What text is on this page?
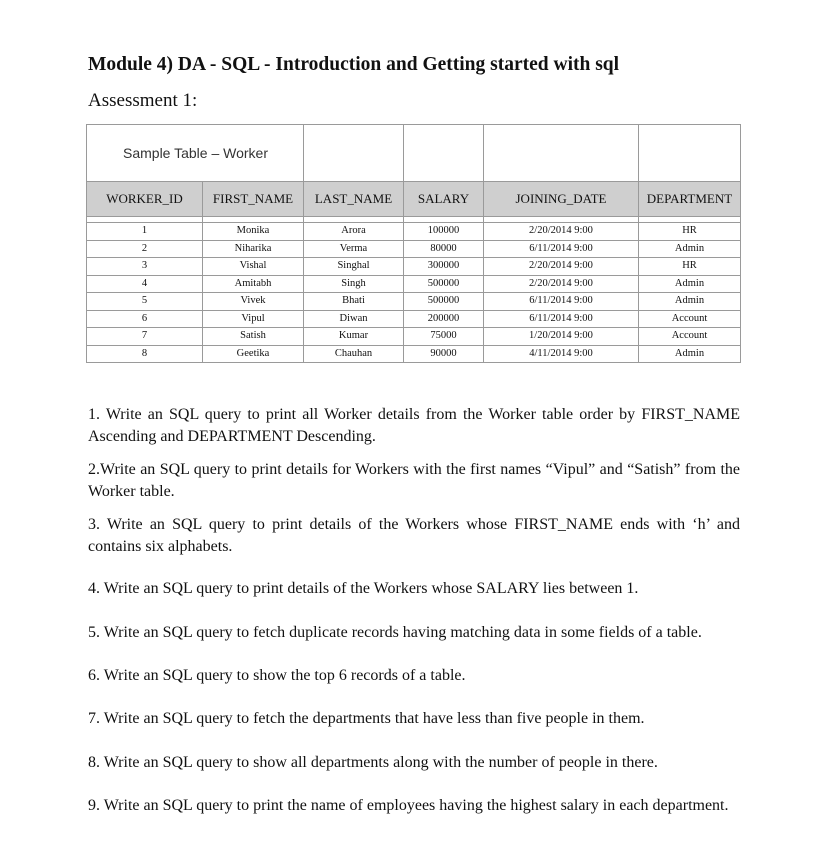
Module 4) DA - SQL - Introduction and Getting started with sql
Assessment 1:
Sample Table – Worker					
WORKER_ID	FIRST_NAME	LAST_NAME	SALARY	JOINING_DATE	DEPARTMENT

1	Monika	Arora	100000	2/20/2014 9:00	HR
2	Niharika	Verma	80000	6/11/2014 9:00	Admin
3	Vishal	Singhal	300000	2/20/2014 9:00	HR
4	Amitabh	Singh	500000	2/20/2014 9:00	Admin
5	Vivek	Bhati	500000	6/11/2014 9:00	Admin
6	Vipul	Diwan	200000	6/11/2014 9:00	Account
7	Satish	Kumar	75000	1/20/2014 9:00	Account
8	Geetika	Chauhan	90000	4/11/2014 9:00	Admin

1. Write an SQL query to print all Worker details from the Worker table order by FIRST_NAME Ascending and DEPARTMENT Descending.

2.Write an SQL query to print details for Workers with the first names “Vipul” and “Satish” from the Worker table.

3. Write an SQL query to print details of the Workers whose FIRST_NAME ends with ‘h’ and contains six alphabets.

4. Write an SQL query to print details of the Workers whose SALARY lies between 1.

5. Write an SQL query to fetch duplicate records having matching data in some fields of a table.

6. Write an SQL query to show the top 6 records of a table.

7. Write an SQL query to fetch the departments that have less than five people in them.

8. Write an SQL query to show all departments along with the number of people in there.

9. Write an SQL query to print the name of employees having the highest salary in each department.
